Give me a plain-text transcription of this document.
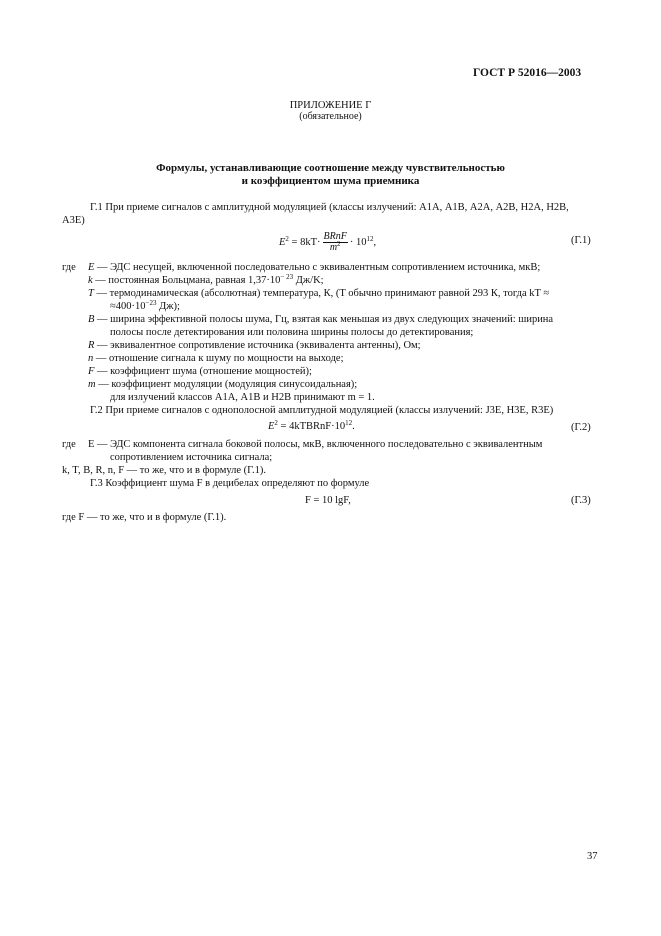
ГОСТ Р 52016—2003
ПРИЛОЖЕНИЕ Г
(обязательное)
Формулы, устанавливающие соотношение между чувствительностью
и коэффициентом шума приемника
Г.1 При приеме сигналов с амплитудной модуляцией (классы излучений: А1А, А1В, А2А, А2В, Н2А, Н2В,
А3Е)
$E^2 = 8kT\cdot \frac{\text{BRnF}}{m^2} \cdot 10^{12}$,	(Г.1)
где E — ЭДС несущей, включенной последовательно с эквивалентным сопротивлением источника, мкВ;
k — постоянная Больцмана, равная $1,37\cdot 10^{- 23}$ Дж/K;
T — термодинамическая (абсолютная) температура, К, (T обычно принимают равной 293 К, тогда kT ≈
$\approx 400\cdot 10^{-23}$ Дж);
B — ширина эффективной полосы шума, Гц, взятая как меньшая из двух следующих значений: ширина
полосы после детектирования или половина ширины полосы до детектирования;
R — эквивалентное сопротивление источника (эквивалента антенны), Ом;
n — отношение сигнала к шуму по мощности на выходе;
F — коэффициент шума (отношение мощностей);
m — коэффициент модуляции (модуляция синусоидальная);
для излучений классов А1А, А1В и Н2В принимают m = 1.
Г.2 При приеме сигналов с однополосной амплитудной модуляцией (классы излучений: J3E, H3E, R3E)
$E^2$ = $4kTBRnF\cdot 10^{12}$.	(Г.2)
где E — ЭДС компонента сигнала боковой полосы, мкВ, включенного последовательно с эквивалентным
сопротивлением источника сигнала;
k, T, B, R, n, F — то же, что и в формуле (Г.1).
Г.3 Коэффициент шума F в децибелах определяют по формуле
F = 10 lgF,	(Г.3)
где F — то же, что и в формуле (Г.1).
37
